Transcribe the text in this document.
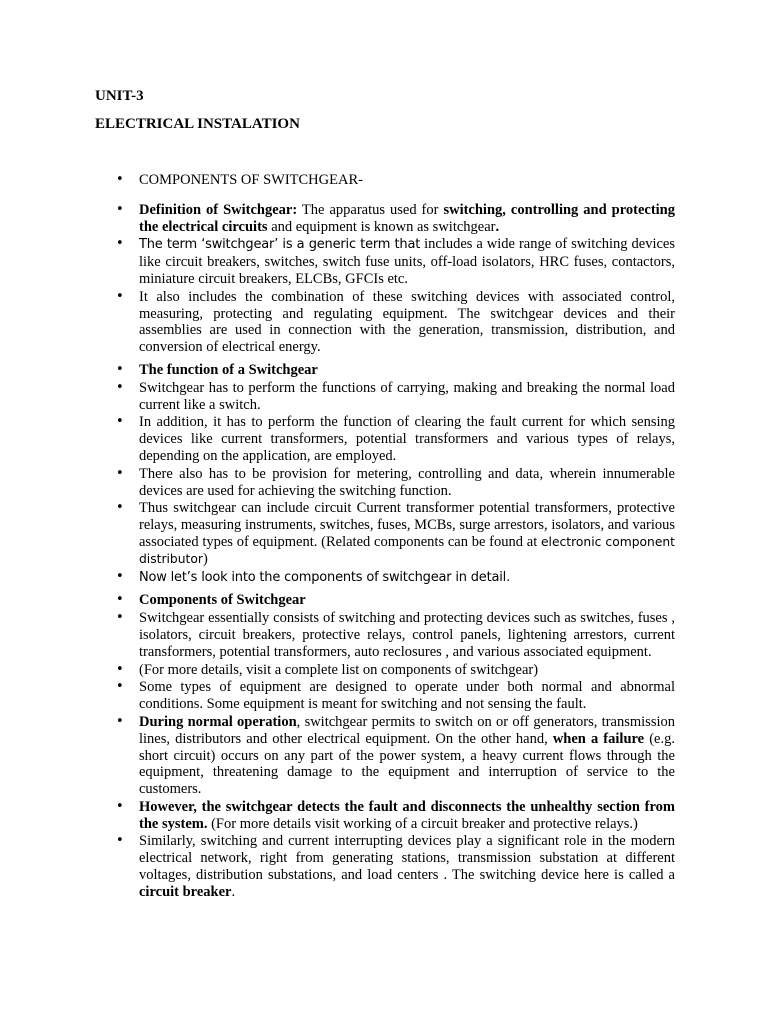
UNIT-3
ELECTRICAL INSTALATION
• COMPONENTS OF SWITCHGEAR-
• Definition of Switchgear: The apparatus used for switching, controlling and protecting the electrical circuits and equipment is known as switchgear.
• The term ‘switchgear’ is a generic term that includes a wide range of switching devices like circuit breakers, switches, switch fuse units, off-load isolators, HRC fuses, contactors, miniature circuit breakers, ELCBs, GFCIs etc.
• It also includes the combination of these switching devices with associated control, measuring, protecting and regulating equipment. The switchgear devices and their assemblies are used in connection with the generation, transmission, distribution, and conversion of electrical energy.
• The function of a Switchgear
• Switchgear has to perform the functions of carrying, making and breaking the normal load current like a switch.
• In addition, it has to perform the function of clearing the fault current for which sensing devices like current transformers, potential transformers and various types of relays, depending on the application, are employed.
• There also has to be provision for metering, controlling and data, wherein innumerable devices are used for achieving the switching function.
• Thus switchgear can include circuit Current transformer potential transformers, protective relays, measuring instruments, switches, fuses, MCBs, surge arrestors, isolators, and various associated types of equipment. (Related components can be found at electronic component distributor)
• Now let’s look into the components of switchgear in detail.
• Components of Switchgear
• Switchgear essentially consists of switching and protecting devices such as switches, fuses , isolators, circuit breakers, protective relays, control panels, lightening arrestors, current transformers, potential transformers, auto reclosures , and various associated equipment.
• (For more details, visit a complete list on components of switchgear)
• Some types of equipment are designed to operate under both normal and abnormal conditions. Some equipment is meant for switching and not sensing the fault.
• During normal operation, switchgear permits to switch on or off generators, transmission lines, distributors and other electrical equipment. On the other hand, when a failure (e.g. short circuit) occurs on any part of the power system, a heavy current flows through the equipment, threatening damage to the equipment and interruption of service to the customers.
• However, the switchgear detects the fault and disconnects the unhealthy section from the system. (For more details visit working of a circuit breaker and protective relays.)
• Similarly, switching and current interrupting devices play a significant role in the modern electrical network, right from generating stations, transmission substation at different voltages, distribution substations, and load centers . The switching device here is called a circuit breaker.
